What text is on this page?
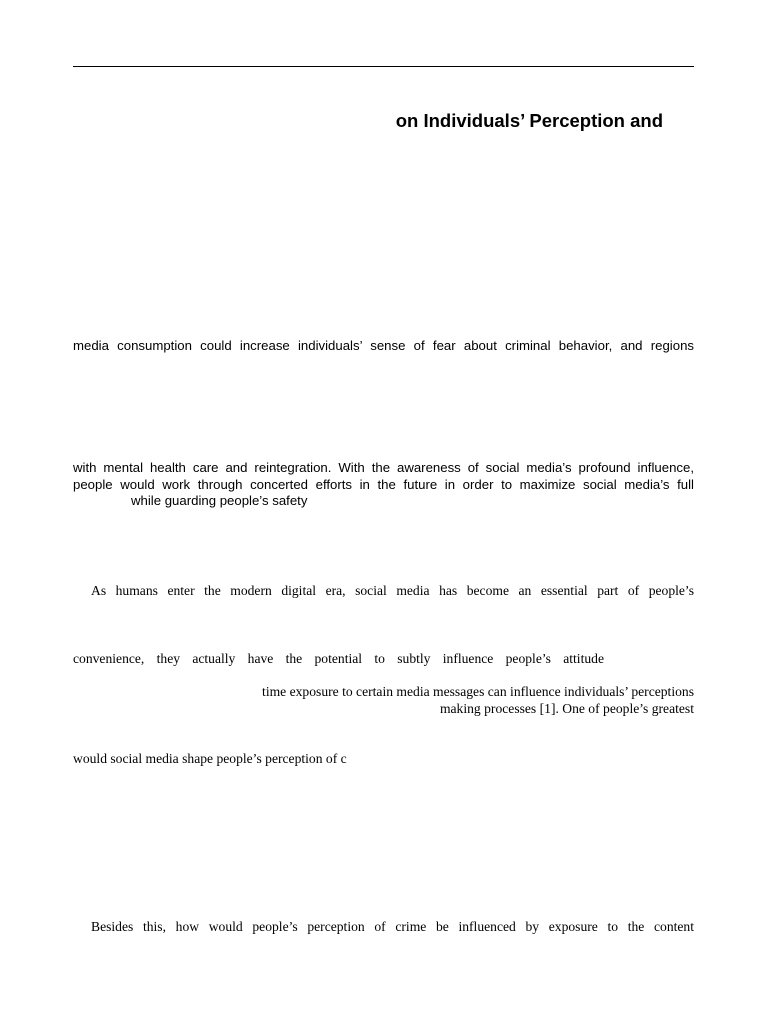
on Individuals’ Perception and

media consumption could increase individuals’ sense of fear about criminal behavior, and regions

with mental health care and reintegration. With the awareness of social media’s profound influence,

people would work through concerted efforts in the future in order to maximize social media’s full

while guarding people’s safety

As humans enter the modern digital era, social media has become an essential part of people’s

convenience, they actually have the potential to subtly influence people’s attitude

time exposure to certain media messages can influence individuals’ perceptions

making processes [1]. One of people’s greatest

would social media shape people’s perception of c

Besides this, how would people’s perception of crime be influenced by exposure to the content
